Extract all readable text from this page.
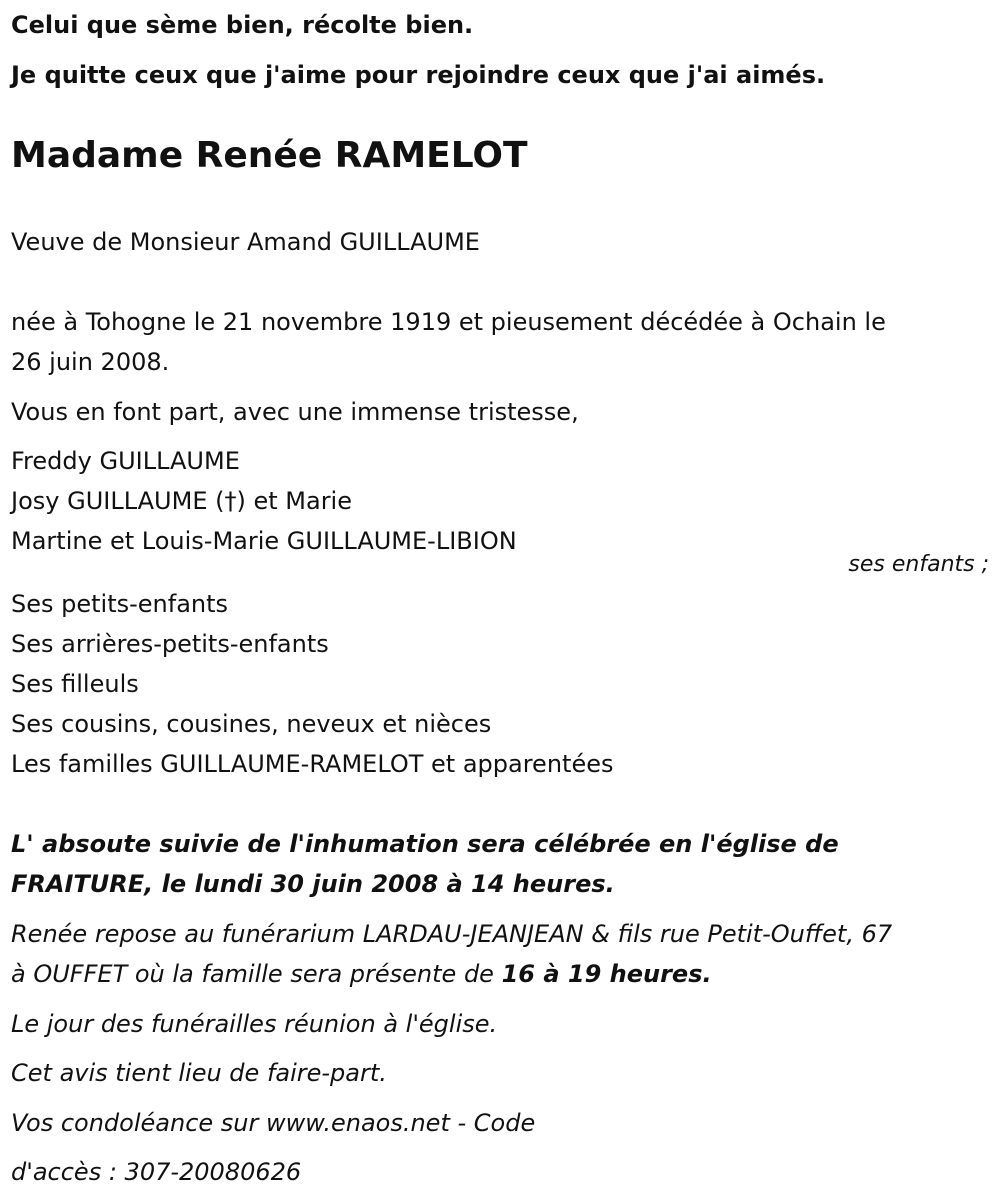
Celui que sème bien, récolte bien.
Je quitte ceux que j'aime pour rejoindre ceux que j'ai aimés.
Madame Renée RAMELOT
Veuve de Monsieur Amand GUILLAUME
née à Tohogne le 21 novembre 1919 et pieusement décédée à Ochain le
26 juin 2008.
Vous en font part, avec une immense tristesse,
Freddy GUILLAUME
Josy GUILLAUME (†) et Marie
Martine et Louis-Marie GUILLAUME-LIBION
ses enfants ;
Ses petits-enfants
Ses arrières-petits-enfants
Ses filleuls
Ses cousins, cousines, neveux et nièces
Les familles GUILLAUME-RAMELOT et apparentées
L' absoute suivie de l'inhumation sera célébrée en l'église de
FRAITURE, le lundi 30 juin 2008 à 14 heures.
Renée repose au funérarium LARDAU-JEANJEAN & fils rue Petit-Ouffet, 67
à OUFFET où la famille sera présente de 16 à 19 heures.
Le jour des funérailles réunion à l'église.
Cet avis tient lieu de faire-part.
Vos condoléance sur www.enaos.net - Code
d'accès : 307-20080626
